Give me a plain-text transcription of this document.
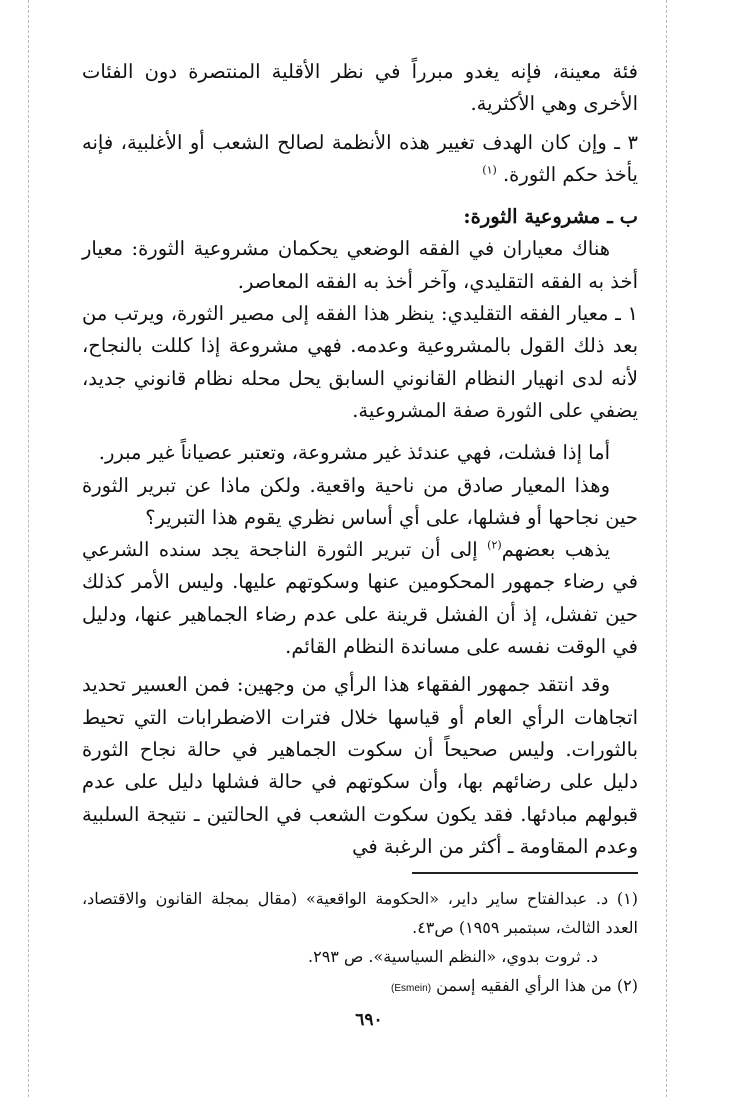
فئة معينة، فإنه يغدو مبرراً في نظر الأقلية المنتصرة دون الفئات الأخرى وهي الأكثرية.

٣ ـ وإن كان الهدف تغيير هذه الأنظمة لصالح الشعب أو الأغلبية، فإنه يأخذ حكم الثورة. $^{(١)}$

ب ـ مشروعية الثورة:

هناك معياران في الفقه الوضعي يحكمان مشروعية الثورة: معيار أخذ به الفقه التقليدي، وآخر أخذ به الفقه المعاصر.

١ ـ معيار الفقه التقليدي: ينظر هذا الفقه إلى مصير الثورة، ويرتب من بعد ذلك القول بالمشروعية وعدمه. فهي مشروعة إذا كللت بالنجاح، لأنه لدى انهيار النظام القانوني السابق يحل محله نظام قانوني جديد، يضفي على الثورة صفة المشروعية.

أما إذا فشلت، فهي عندئذ غير مشروعة، وتعتبر عصياناً غير مبرر.

وهذا المعيار صادق من ناحية واقعية. ولكن ماذا عن تبرير الثورة حين نجاحها أو فشلها، على أي أساس نظري يقوم هذا التبرير؟

يذهب بعضهم$^{(٢)}$ إلى أن تبرير الثورة الناجحة يجد سنده الشرعي في رضاء جمهور المحكومين عنها وسكوتهم عليها. وليس الأمر كذلك حين تفشل، إذ أن الفشل قرينة على عدم رضاء الجماهير عنها، ودليل في الوقت نفسه على مساندة النظام القائم.

وقد انتقد جمهور الفقهاء هذا الرأي من وجهين: فمن العسير تحديد اتجاهات الرأي العام أو قياسها خلال فترات الاضطرابات التي تحيط بالثورات. وليس صحيحاً أن سكوت الجماهير في حالة نجاح الثورة دليل على رضائهم بها، وأن سكوتهم في حالة فشلها دليل على عدم قبولهم مبادئها. فقد يكون سكوت الشعب في الحالتين ـ نتيجة السلبية وعدم المقاومة ـ أكثر من الرغبة في

(١) د. عبدالفتاح ساير داير، «الحكومة الواقعية» (مقال بمجلة القانون والاقتصاد، العدد الثالث، سبتمبر ١٩٥٩) ص٤٣.

د. ثروت بدوي، «النظم السياسية». ص ٢٩٣.

(٢) من هذا الرأي الفقيه إسمن (Esmein)

٦٩٠
